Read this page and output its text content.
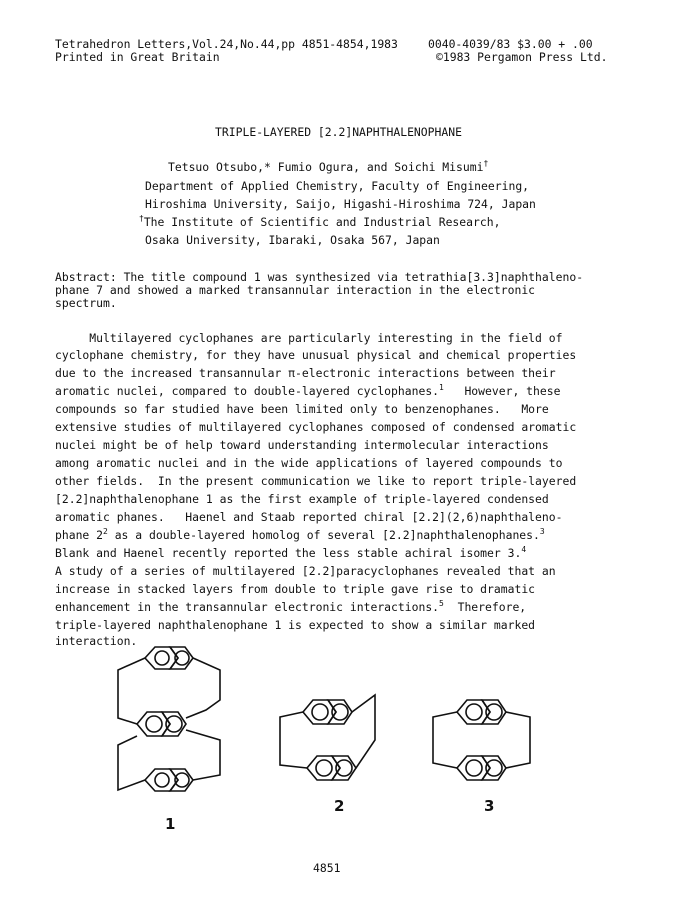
Tetrahedron Letters,Vol.24,No.44,pp 4851-4854,1983	0040-4039/83 $3.00 + .00
Printed in Great Britain	©1983 Pergamon Press Ltd.
TRIPLE-LAYERED [2.2]NAPHTHALENOPHANE
Tetsuo Otsubo,* Fumio Ogura, and Soichi Misumi†
Department of Applied Chemistry, Faculty of Engineering,
Hiroshima University, Saijo, Higashi-Hiroshima 724, Japan
†The Institute of Scientific and Industrial Research,
Osaka University, Ibaraki, Osaka 567, Japan
Abstract: The title compound 1 was synthesized via tetrathia[3.3]naphthaleno-
phane 7 and showed a marked transannular interaction in the electronic
spectrum.
Multilayered cyclophanes are particularly interesting in the field of
cyclophane chemistry, for they have unusual physical and chemical properties
due to the increased transannular π-electronic interactions between their
aromatic nuclei, compared to double-layered cyclophanes.$^1$   However, these
compounds so far studied have been limited only to benzenophanes.   More
extensive studies of multilayered cyclophanes composed of condensed aromatic
nuclei might be of help toward understanding intermolecular interactions
among aromatic nuclei and in the wide applications of layered compounds to
other fields.  In the present communication we like to report triple-layered
[2.2]naphthalenophane 1 as the first example of triple-layered condensed
aromatic phanes.   Haenel and Staab reported chiral [2.2](2,6)naphthaleno-
phane $2^2$ as a double-layered homolog of several [2.2]naphthalenophanes.$^3$
Blank and Haenel recently reported the less stable achiral isomer 3.$^4$
A study of a series of multilayered [2.2]paracyclophanes revealed that an
increase in stacked layers from double to triple gave rise to dramatic
enhancement in the transannular electronic interactions.$^5$  Therefore,
triple-layered naphthalenophane 1 is expected to show a similar marked
interaction.
1
2	3
4851
